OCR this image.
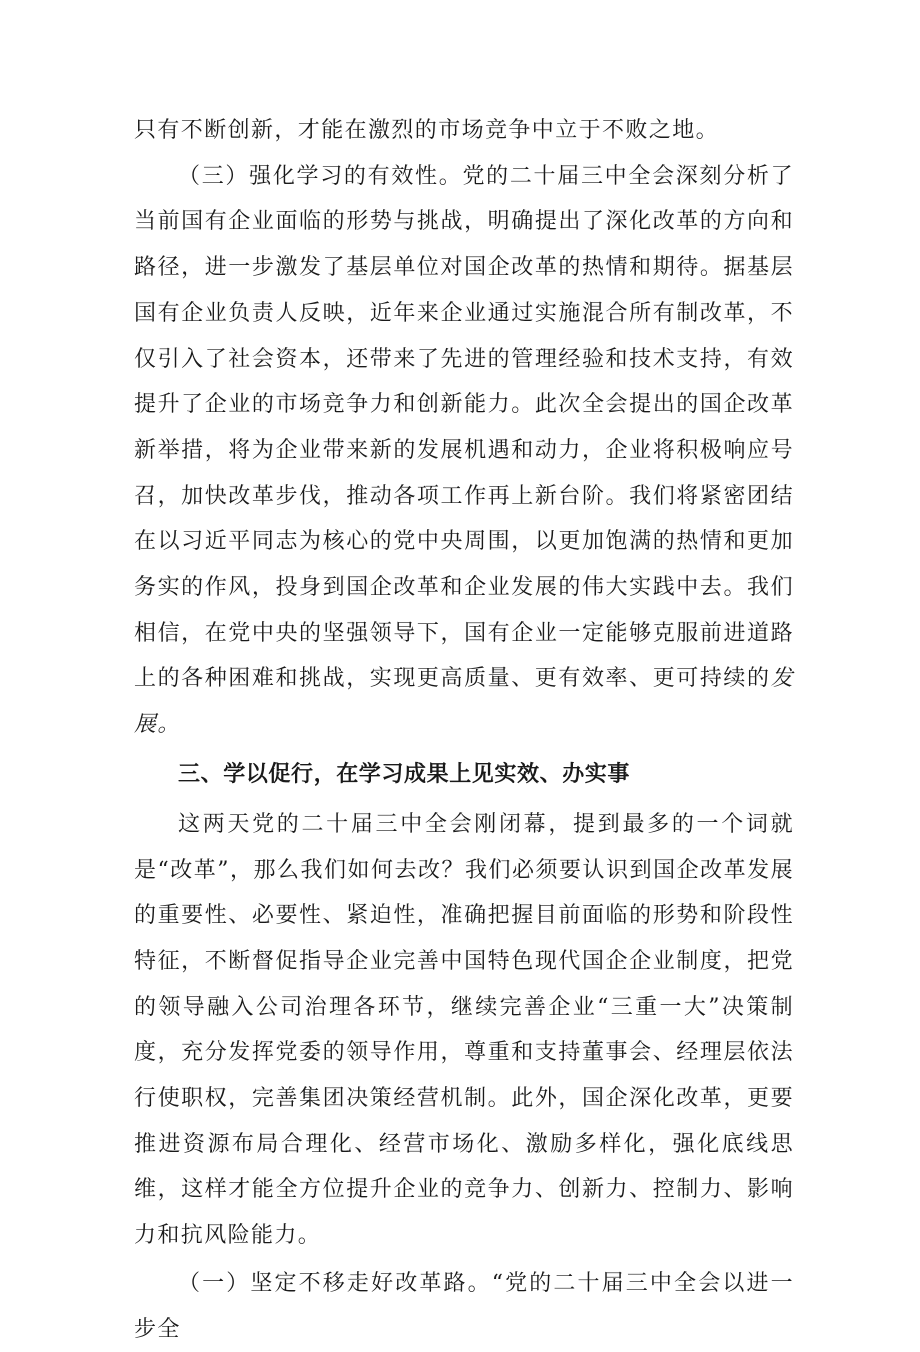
只有不断创新，才能在激烈的市场竞争中立于不败之地。

（三）强化学习的有效性。党的二十届三中全会深刻分析了当前国有企业面临的形势与挑战，明确提出了深化改革的方向和路径，进一步激发了基层单位对国企改革的热情和期待。据基层国有企业负责人反映，近年来企业通过实施混合所有制改革，不仅引入了社会资本，还带来了先进的管理经验和技术支持，有效提升了企业的市场竞争力和创新能力。此次全会提出的国企改革新举措，将为企业带来新的发展机遇和动力，企业将积极响应号召，加快改革步伐，推动各项工作再上新台阶。我们将紧密团结在以习近平同志为核心的党中央周围，以更加饱满的热情和更加务实的作风，投身到国企改革和企业发展的伟大实践中去。我们相信，在党中央的坚强领导下，国有企业一定能够克服前进道路上的各种困难和挑战，实现更高质量、更有效率、更可持续的发展。

三、学以促行，在学习成果上见实效、办实事

这两天党的二十届三中全会刚闭幕，提到最多的一个词就是“改革”，那么我们如何去改？我们必须要认识到国企改革发展的重要性、必要性、紧迫性，准确把握目前面临的形势和阶段性特征，不断督促指导企业完善中国特色现代国企企业制度，把党的领导融入公司治理各环节，继续完善企业“三重一大”决策制度，充分发挥党委的领导作用，尊重和支持董事会、经理层依法行使职权，完善集团决策经营机制。此外，国企深化改革，更要推进资源布局合理化、经营市场化、激励多样化，强化底线思维，这样才能全方位提升企业的竞争力、创新力、控制力、影响力和抗风险能力。

（一）坚定不移走好改革路。“党的二十届三中全会以进一步全
